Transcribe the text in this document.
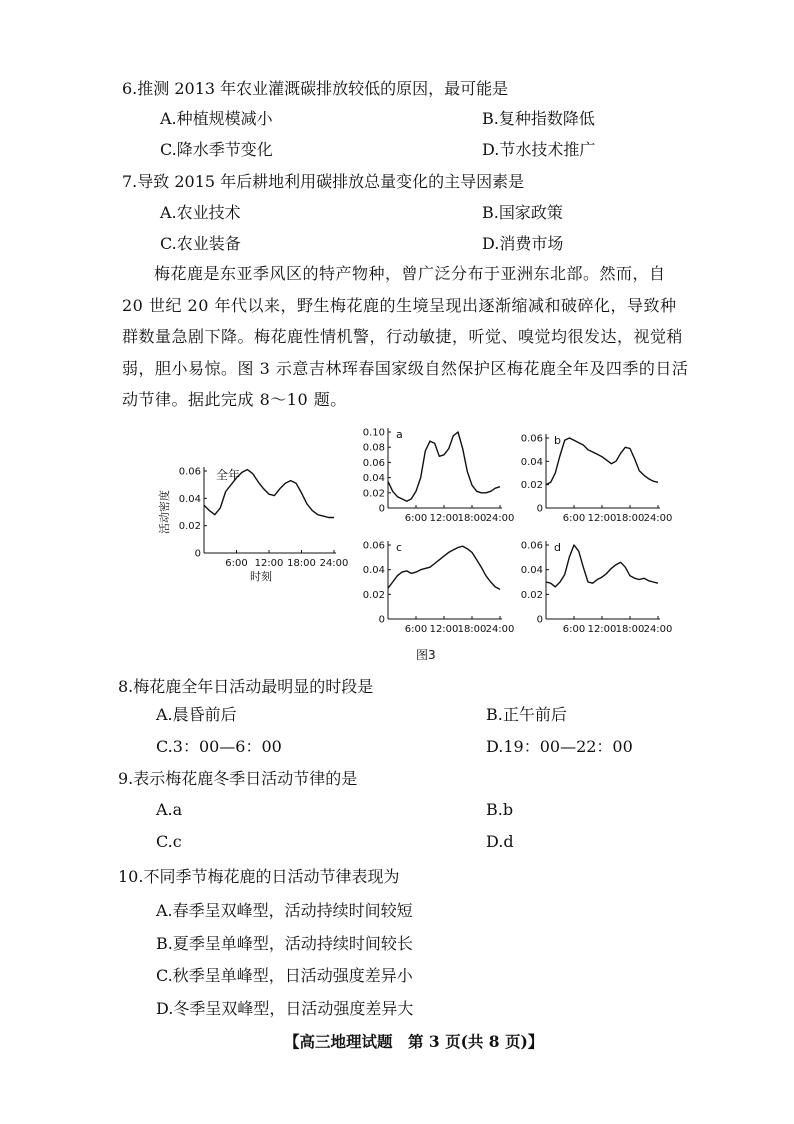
6.推测 2013 年农业灌溉碳排放较低的原因，最可能是
A.种植规模减小	B.复种指数降低
C.降水季节变化	D.节水技术推广
7.导致 2015 年后耕地利用碳排放总量变化的主导因素是
A.农业技术	B.国家政策
C.农业装备	D.消费市场
梅花鹿是东亚季风区的特产物种，曾广泛分布于亚洲东北部。然而，自 20 世纪 20 年代以来，野生梅花鹿的生境呈现出逐渐缩减和破碎化，导致种群数量急剧下降。梅花鹿性情机警，行动敏捷，听觉、嗅觉均很发达，视觉稍弱，胆小易惊。图 3 示意吉林珲春国家级自然保护区梅花鹿全年及四季的日活动节律。据此完成 8～10 题。
0
0.02
0.04
0.06
6:00 12:00 18:00 24:00
全年
活动密度
时刻
0
0.02
0.04
0.06
0.08
0.10
6:00 12:00 18:00 24:00
a
0
0.02
0.04
0.06
6:00 12:00 18:00 24:00
b
0
0.02
0.04
0.06
6:00 12:00 18:00 24:00
c
0
0.02
0.04
0.06
6:00 12:00 18:00 24:00
d
图3
8.梅花鹿全年日活动最明显的时段是
A.晨昏前后	B.正午前后
C.3：00—6：00	D.19：00—22：00
9.表示梅花鹿冬季日活动节律的是
A.a	B.b
C.c	D.d
10.不同季节梅花鹿的日活动节律表现为
A.春季呈双峰型，活动持续时间较短
B.夏季呈单峰型，活动持续时间较长
C.秋季呈单峰型，日活动强度差异小
D.冬季呈双峰型，日活动强度差异大
【高三地理试题　第 3 页(共 8 页)】
